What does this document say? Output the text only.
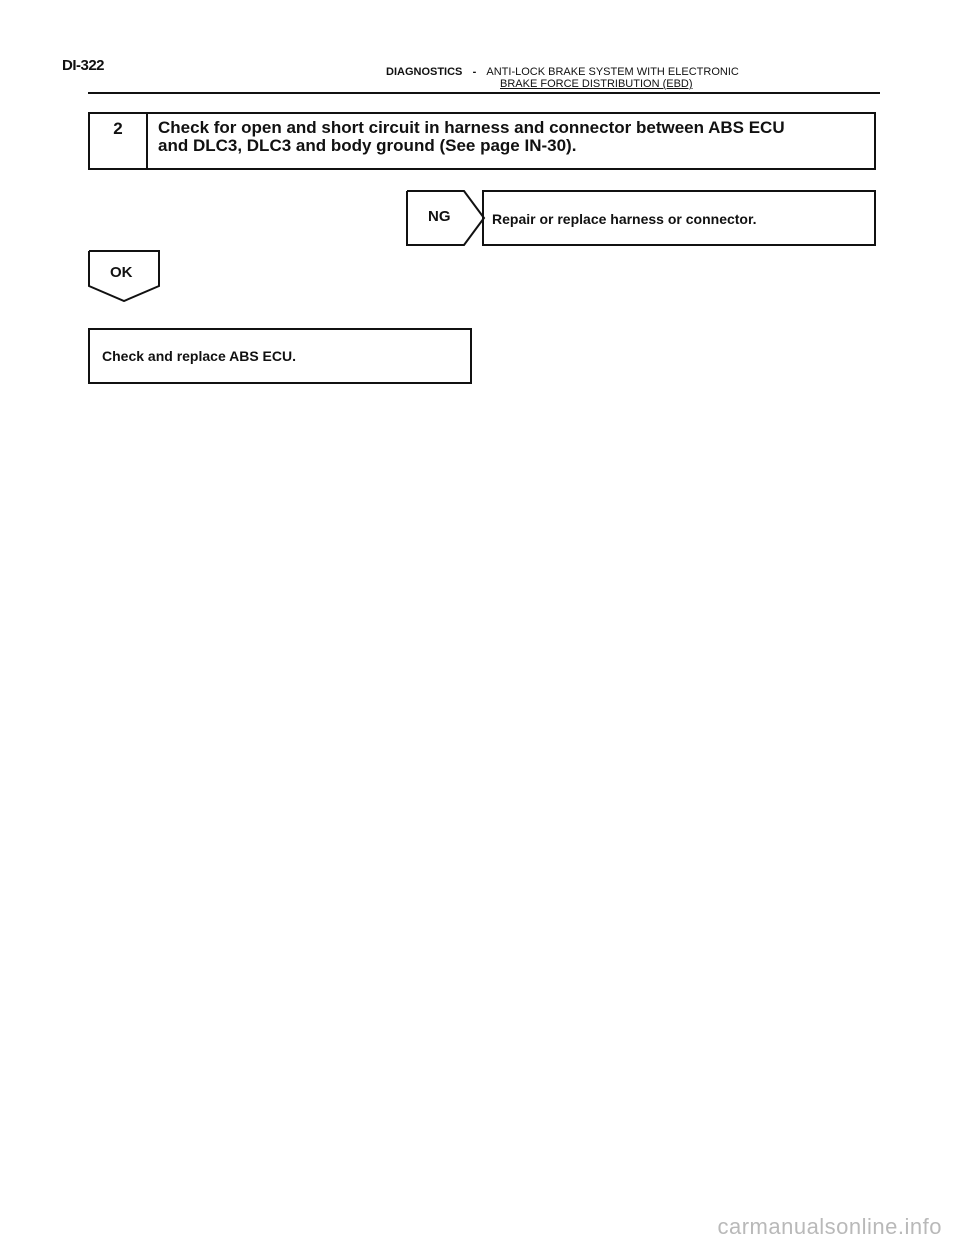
DI-322	DIAGNOSTICS - ANTI-LOCK BRAKE SYSTEM WITH ELECTRONIC
BRAKE FORCE DISTRIBUTION (EBD)
2	Check for open and short circuit in harness and connector between ABS ECU
and DLC3, DLC3 and body ground (See page IN-30).
NG	Repair or replace harness or connector.
OK
Check and replace ABS ECU.
carmanualsonline.info
